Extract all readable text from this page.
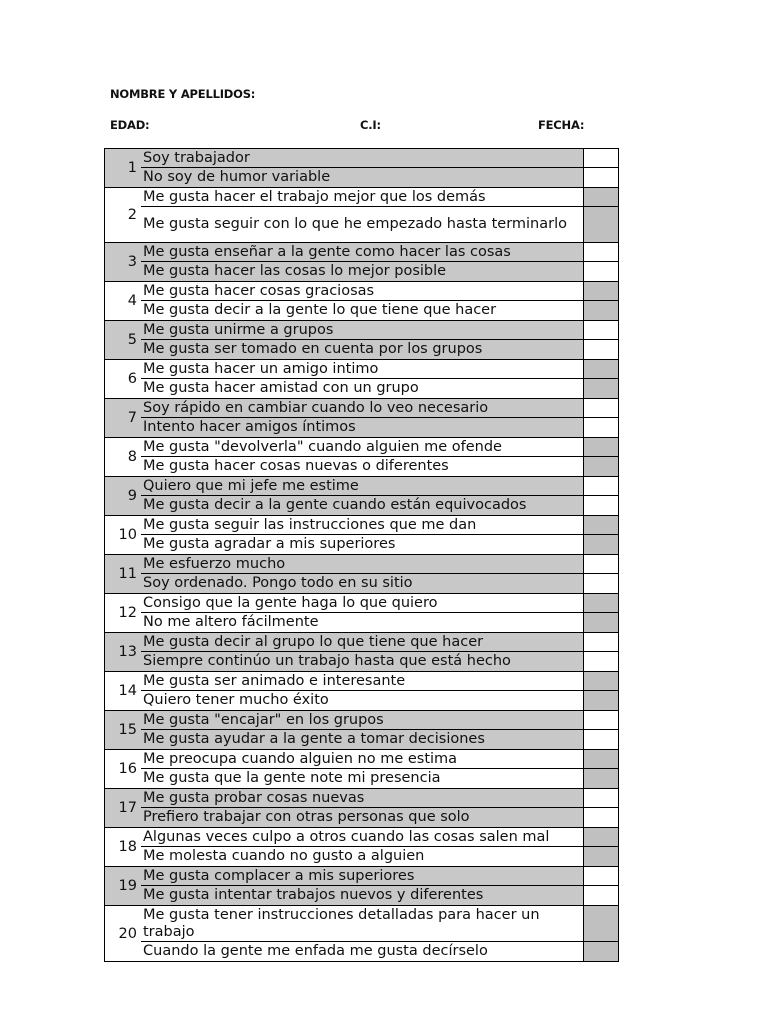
NOMBRE Y APELLIDOS:
EDAD:	C.I:	FECHA:
1
Soy trabajador
No soy de humor variable
2
Me gusta hacer el trabajo mejor que los demás
Me gusta seguir con lo que he empezado hasta terminarlo
3
Me gusta enseñar a la gente como hacer las cosas
Me gusta hacer las cosas lo mejor posible
4
Me gusta hacer cosas graciosas
Me gusta decir a la gente lo que tiene que hacer
5
Me gusta unirme a grupos
Me gusta ser tomado en cuenta por los grupos
6
Me gusta hacer un amigo intimo
Me gusta hacer amistad con un grupo
7
Soy rápido en cambiar cuando lo veo necesario
Intento hacer amigos íntimos
8
Me gusta "devolverla" cuando alguien me ofende
Me gusta hacer cosas nuevas o diferentes
9
Quiero que mi jefe me estime
Me gusta decir a la gente cuando están equivocados
10
Me gusta seguir las instrucciones que me dan
Me gusta agradar a mis superiores
11
Me esfuerzo mucho
Soy ordenado. Pongo todo en su sitio
12
Consigo que la gente haga lo que quiero
No me altero fácilmente
13
Me gusta decir al grupo lo que tiene que hacer
Siempre continúo un trabajo hasta que está hecho
14
Me gusta ser animado e interesante
Quiero tener mucho éxito
15
Me gusta "encajar" en los grupos
Me gusta ayudar a la gente a tomar decisiones
16
Me preocupa cuando alguien no me estima
Me gusta que la gente note mi presencia
17
Me gusta probar cosas nuevas
Prefiero trabajar con otras personas que solo
18
Algunas veces culpo a otros cuando las cosas salen mal
Me molesta cuando no gusto a alguien
19
Me gusta complacer a mis superiores
Me gusta intentar trabajos nuevos y diferentes
20
Me gusta tener instrucciones detalladas para hacer un trabajo
Cuando la gente me enfada me gusta decírselo
